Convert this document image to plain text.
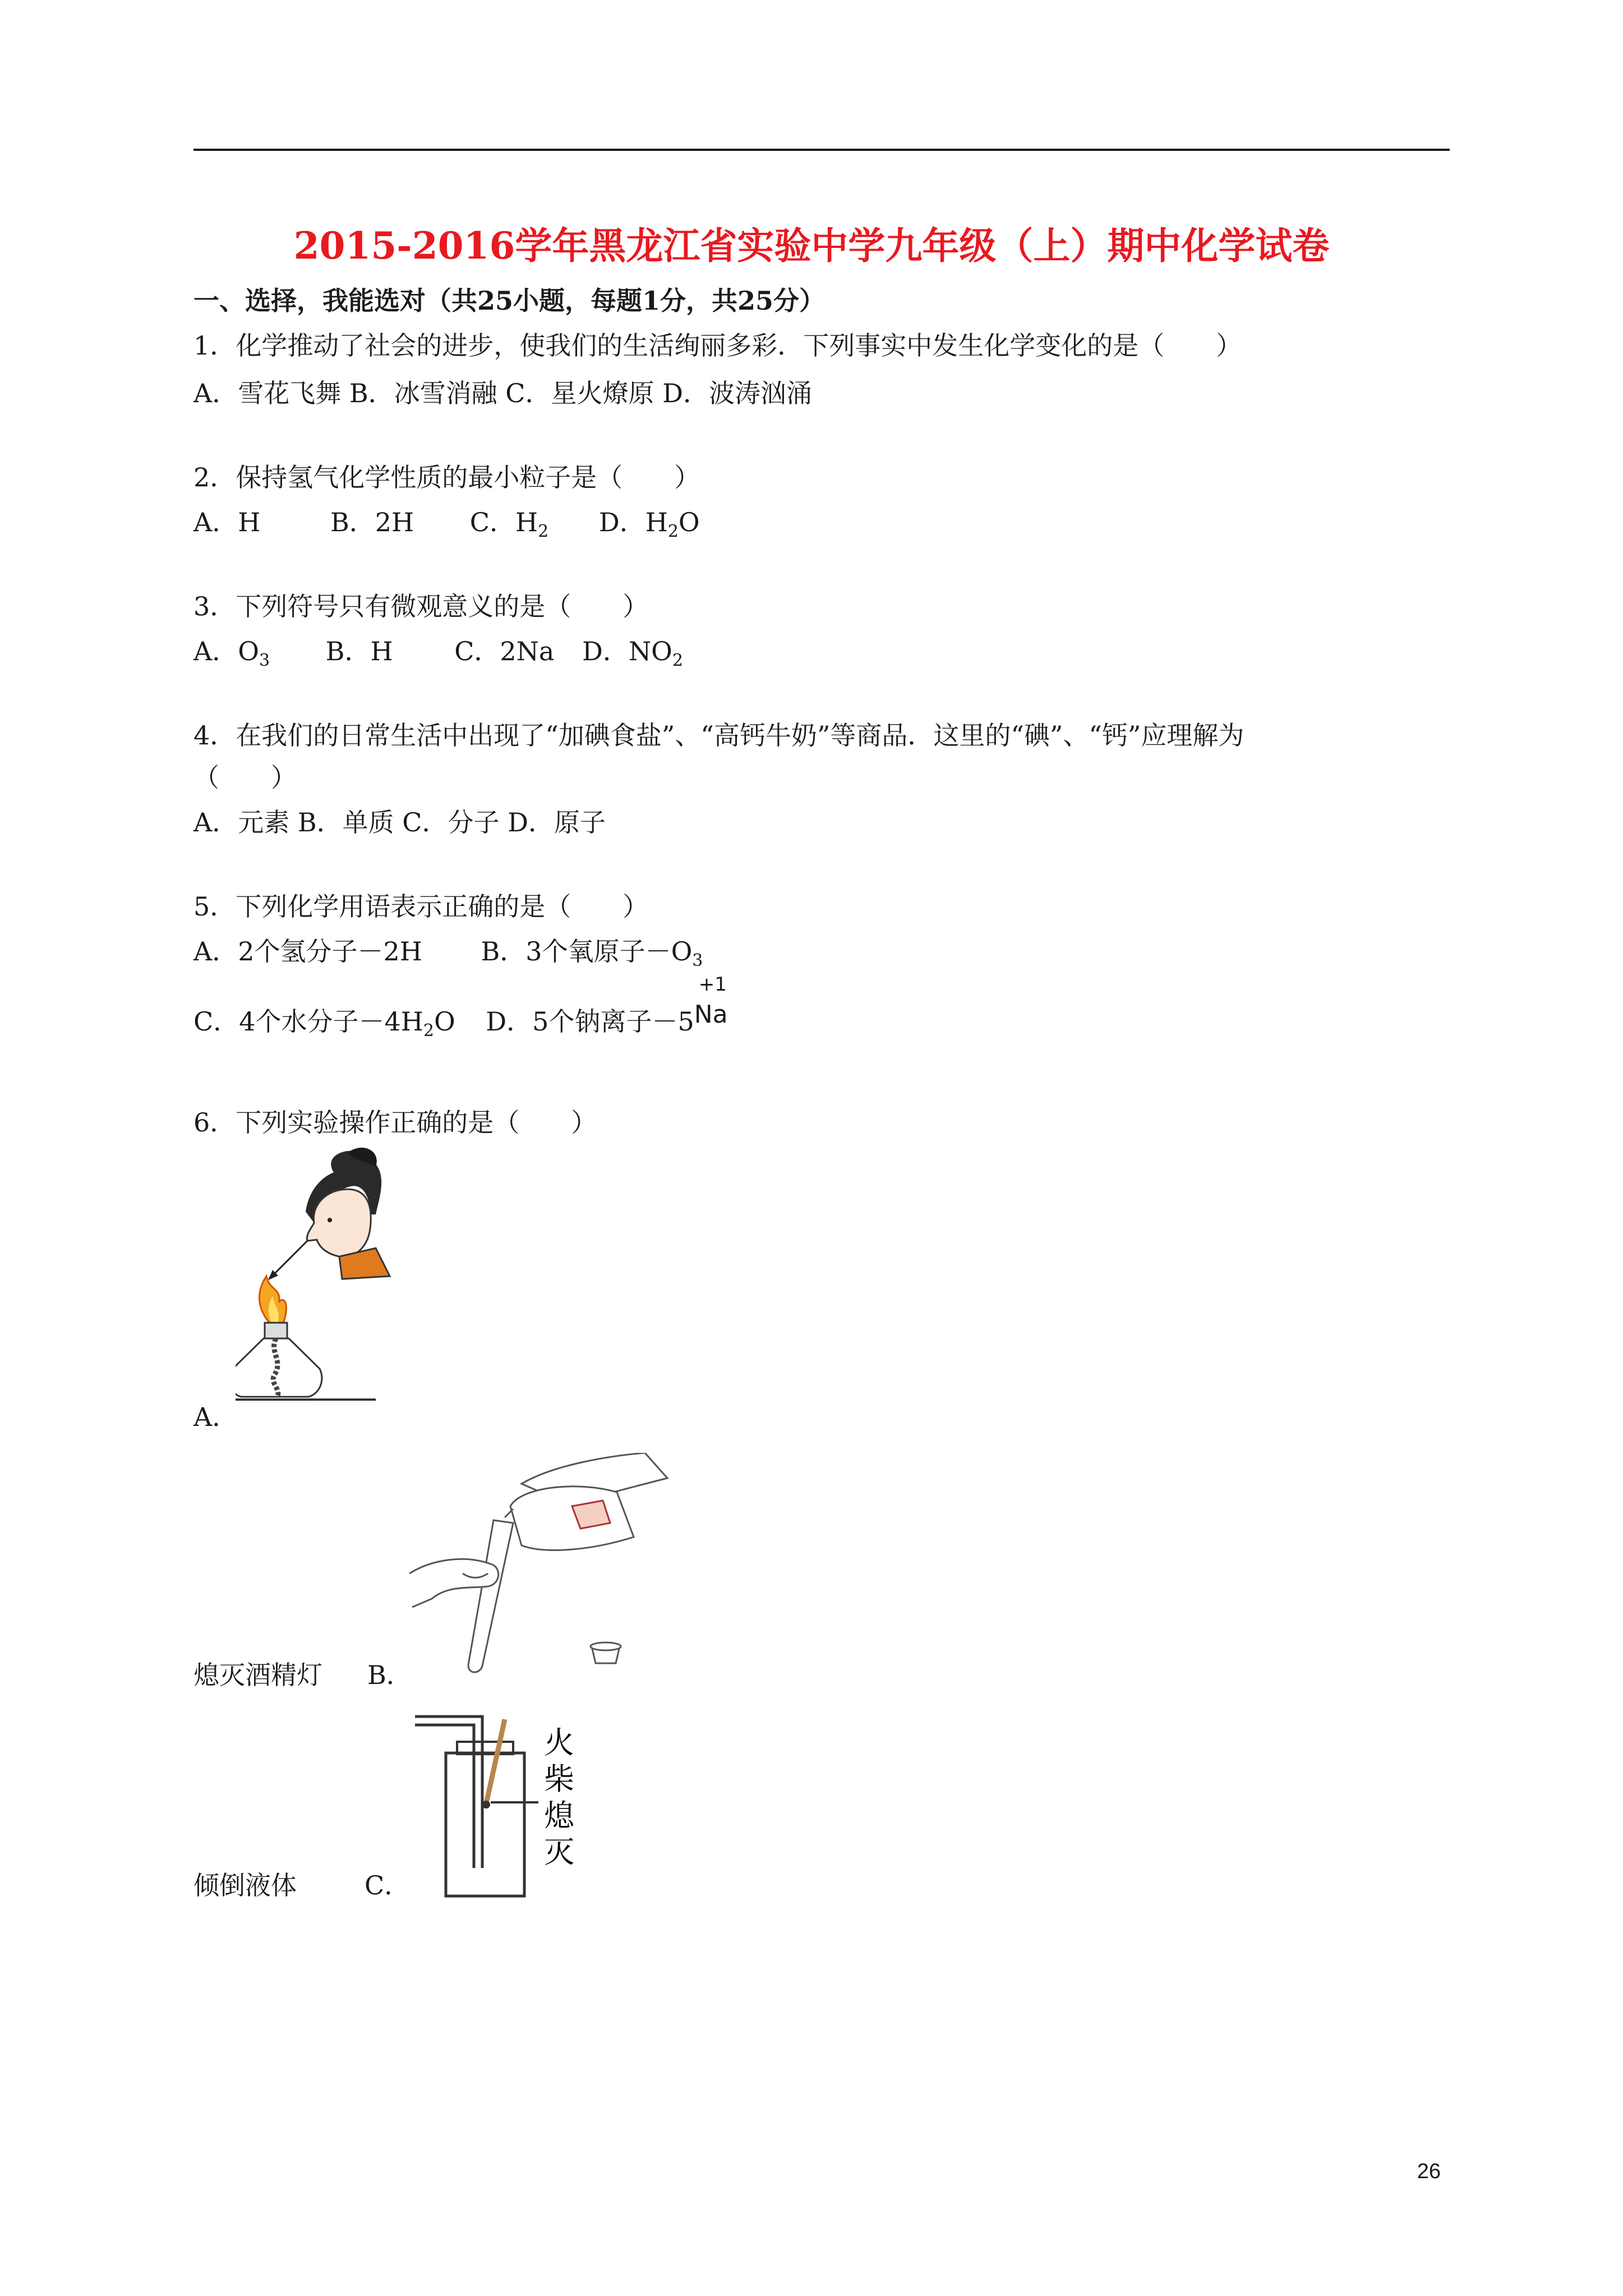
2015-2016学年黑龙江省实验中学九年级（上）期中化学试卷
一、选择，我能选对（共25小题，每题1分，共25分）
1．化学推动了社会的进步，使我们的生活绚丽多彩．下列事实中发生化学变化的是（　　）
A．雪花飞舞 B．冰雪消融 C．星火燎原 D．波涛汹涌
2．保持氢气化学性质的最小粒子是（　　）
A．H	B．2H C．H2 D．H2O
3．下列符号只有微观意义的是（　　）
A．O3 B．H C．2Na D．NO2
4．在我们的日常生活中出现了“加碘食盐”、“高钙牛奶”等商品．这里的“碘”、“钙”应理解为
（　　）
A．元素 B．单质 C．分子 D．原子
5．下列化学用语表示正确的是（　　）
A．2个氢分子－2H B．3个氧原子－O3
C．4个水分子－4H2O D．5个钠离子－5
+1
Na
6．下列实验操作正确的是（　　）
A．
熄灭酒精灯 B．
火
柴
熄
灭
倾倒液体	C．
26
